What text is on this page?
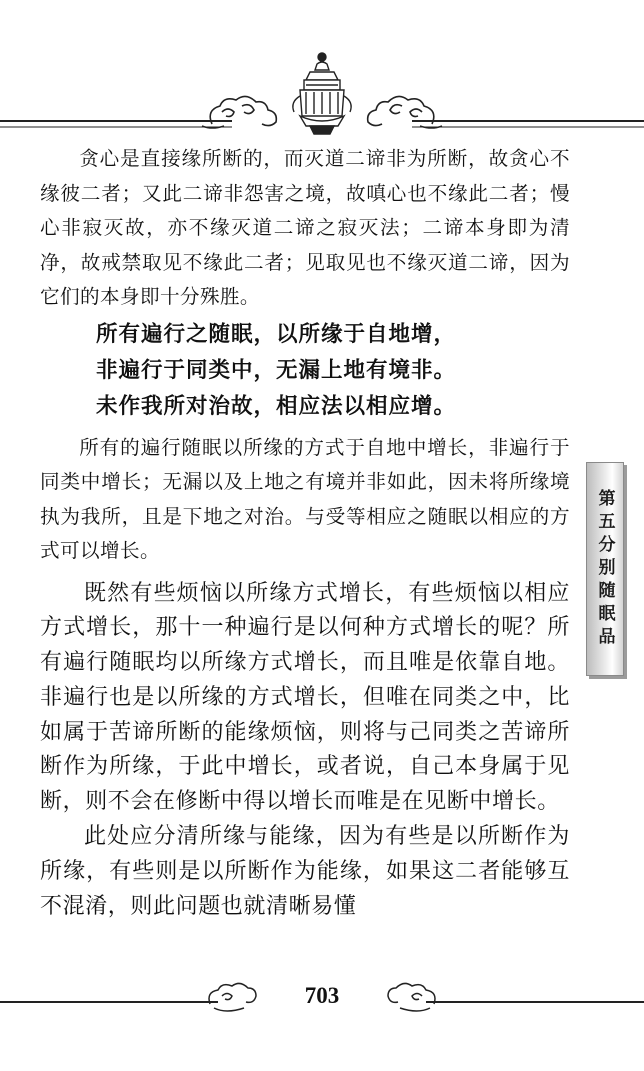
贪心是直接缘所断的，而灭道二谛非为所断，故贪心不缘彼二者；又此二谛非怨害之境，故嗔心也不缘此二者；慢心非寂灭故，亦不缘灭道二谛之寂灭法；二谛本身即为清净，故戒禁取见不缘此二者；见取见也不缘灭道二谛，因为它们的本身即十分殊胜。

所有遍行之随眠，以所缘于自地增，
非遍行于同类中，无漏上地有境非。
未作我所对治故，相应法以相应增。

所有的遍行随眠以所缘的方式于自地中增长，非遍行于同类中增长；无漏以及上地之有境并非如此，因未将所缘境执为我所，且是下地之对治。与受等相应之随眠以相应的方式可以增长。

既然有些烦恼以所缘方式增长，有些烦恼以相应方式增长，那十一种遍行是以何种方式增长的呢？所有遍行随眠均以所缘方式增长，而且唯是依靠自地。非遍行也是以所缘的方式增长，但唯在同类之中，比如属于苦谛所断的能缘烦恼，则将与己同类之苦谛所断作为所缘，于此中增长，或者说，自己本身属于见断，则不会在修断中得以增长而唯是在见断中增长。

此处应分清所缘与能缘，因为有些是以所断作为所缘，有些则是以所断作为能缘，如果这二者能够互不混淆，则此问题也就清晰易懂

第五分别随眠品
703
